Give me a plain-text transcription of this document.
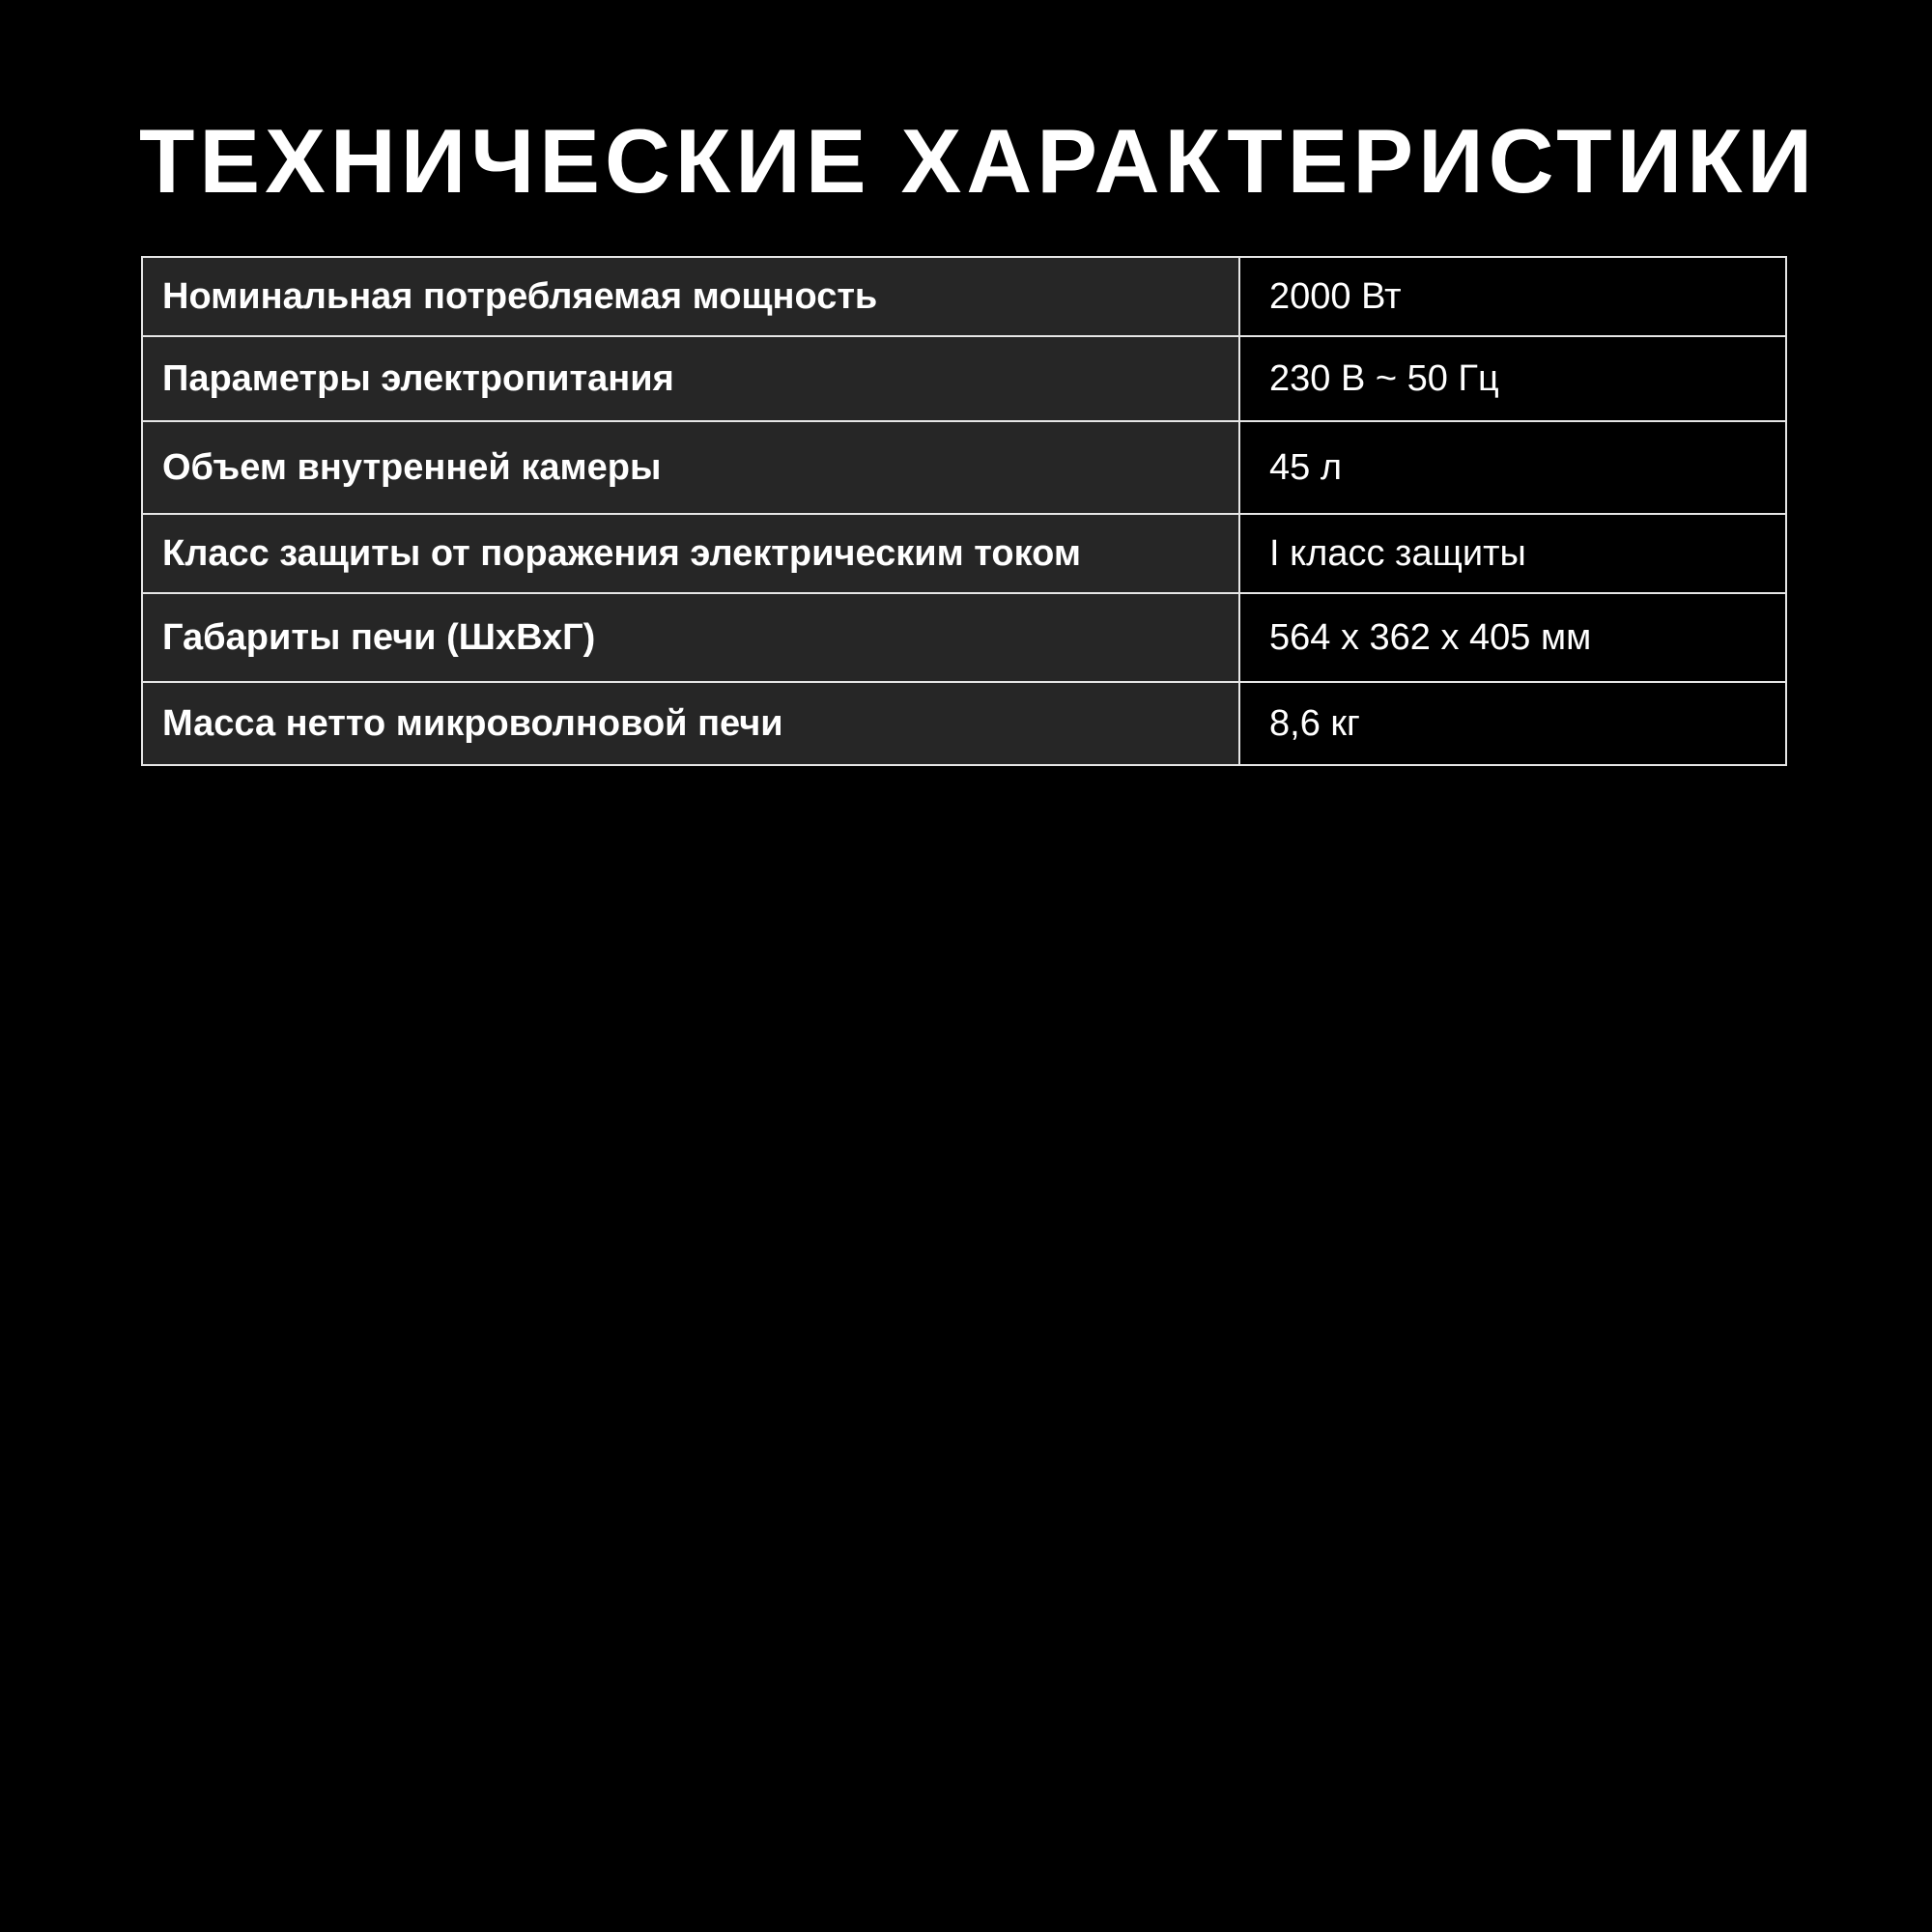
ТЕХНИЧЕСКИЕ ХАРАКТЕРИСТИКИ
Номинальная потребляемая мощность	2000 Вт
Параметры электропитания	230 В ~ 50 Гц
Объем внутренней камеры	45 л
Класс защиты от поражения электрическим током	I класс защиты
Габариты печи (ШхВхГ)	564 х 362 х 405 мм
Масса нетто микроволновой печи	8,6 кг
